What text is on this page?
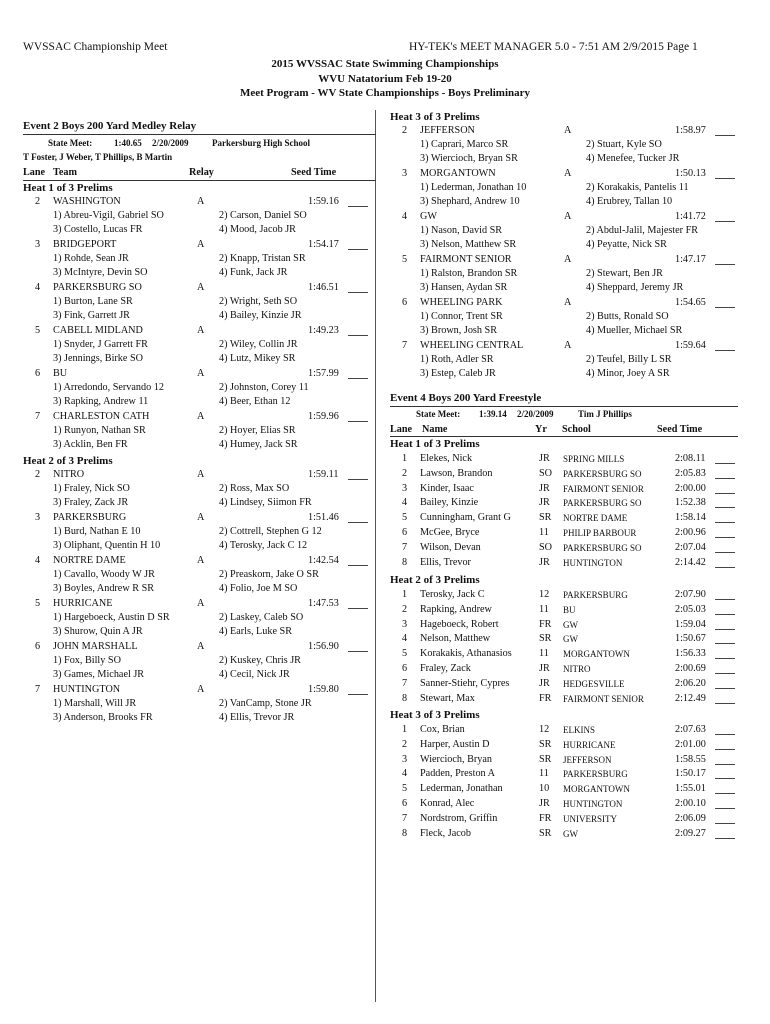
WVSSAC Championship Meet	HY-TEK's MEET MANAGER 5.0 - 7:51 AM 2/9/2015 Page 1
2015 WVSSAC State Swimming Championships
WVU Natatorium Feb 19-20
Meet Program - WV State Championships - Boys Preliminary
Event 2 Boys 200 Yard Medley Relay
State Meet: 1:40.65 2/20/2009	Parkersburg High School
T Foster, J Weber, T Phillips, B Martin
Lane Team	Relay	Seed Time
Heat 1 of 3 Prelims
2 WASHINGTON	A	1:59.16
1) Abreu-Vigil, Gabriel SO	2) Carson, Daniel SO
3) Costello, Lucas FR	4) Mood, Jacob JR
3 BRIDGEPORT	A	1:54.17
1) Rohde, Sean JR	2) Knapp, Tristan SR
3) McIntyre, Devin SO	4) Funk, Jack JR
4 PARKERSBURG SO	A	1:46.51
1) Burton, Lane SR	2) Wright, Seth SO
3) Fink, Garrett JR	4) Bailey, Kinzie JR
5 CABELL MIDLAND	A	1:49.23
1) Snyder, J Garrett FR	2) Wiley, Collin JR
3) Jennings, Birke SO	4) Lutz, Mikey SR
6 BU	A	1:57.99
1) Arredondo, Servando 12	2) Johnston, Corey 11
3) Rapking, Andrew 11	4) Beer, Ethan 12
7 CHARLESTON CATH	A	1:59.96
1) Runyon, Nathan SR	2) Hoyer, Elias SR
3) Acklin, Ben FR	4) Humey, Jack SR
Heat 2 of 3 Prelims
2 NITRO	A	1:59.11
1) Fraley, Nick SO	2) Ross, Max SO
3) Fraley, Zack JR	4) Lindsey, Siimon FR
3 PARKERSBURG	A	1:51.46
1) Burd, Nathan E 10	2) Cottrell, Stephen G 12
3) Oliphant, Quentin H 10	4) Terosky, Jack C 12
4 NORTRE DAME	A	1:42.54
1) Cavallo, Woody W JR	2) Preaskorn, Jake O SR
3) Boyles, Andrew R SR	4) Folio, Joe M SO
5 HURRICANE	A	1:47.53
1) Hargeboeck, Austin D SR	2) Laskey, Caleb SO
3) Shurow, Quin A JR	4) Earls, Luke SR
6 JOHN MARSHALL	A	1:56.90
1) Fox, Billy SO	2) Kuskey, Chris JR
3) Games, Michael JR	4) Cecil, Nick JR
7 HUNTINGTON	A	1:59.80
1) Marshall, Will JR	2) VanCamp, Stone JR
3) Anderson, Brooks FR	4) Ellis, Trevor JR
Event 4 Boys 200 Yard Freestyle
State Meet: 1:39.14 2/20/2009	Tim J Phillips
Lane Name	Yr School	Seed Time
Heat 3 of 3 Prelims
2 JEFFERSON	A	1:58.97
1) Caprari, Marco SR	2) Stuart, Kyle SO
3) Wiercioch, Bryan SR	4) Menefee, Tucker JR
3 MORGANTOWN	A	1:50.13
1) Lederman, Jonathan 10	2) Korakakis, Pantelis 11
3) Shephard, Andrew 10	4) Erubrey, Tallan 10
4 GW	A	1:41.72
1) Nason, David SR	2) Abdul-Jalil, Majester FR
3) Nelson, Matthew SR	4) Peyatte, Nick SR
5 FAIRMONT SENIOR	A	1:47.17
1) Ralston, Brandon SR	2) Stewart, Ben JR
3) Hansen, Aydan SR	4) Sheppard, Jeremy JR
6 WHEELING PARK	A	1:54.65
1) Connor, Trent SR	2) Butts, Ronald SO
3) Brown, Josh SR	4) Mueller, Michael SR
7 WHEELING CENTRAL	A	1:59.64
1) Roth, Adler SR	2) Teufel, Billy L SR
3) Estep, Caleb JR	4) Minor, Joey A SR
Heat 1 of 3 Prelims
1 Elekes, Nick	JR SPRING MILLS	2:08.11
2 Lawson, Brandon	SO PARKERSBURG SO	2:05.83
3 Kinder, Isaac	JR FAIRMONT SENIOR	2:00.00
4 Bailey, Kinzie	JR PARKERSBURG SO	1:52.38
5 Cunningham, Grant G	SR NORTRE DAME	1:58.14
6 McGee, Bryce	11 PHILIP BARBOUR	2:00.96
7 Wilson, Devan	SO PARKERSBURG SO	2:07.04
8 Ellis, Trevor	JR HUNTINGTON	2:14.42
Heat 2 of 3 Prelims
1 Terosky, Jack C	12 PARKERSBURG	2:07.90
2 Rapking, Andrew	11 BU	2:05.03
3 Hageboeck, Robert	FR GW	1:59.04
4 Nelson, Matthew	SR GW	1:50.67
5 Korakakis, Athanasios	11 MORGANTOWN	1:56.33
6 Fraley, Zack	JR NITRO	2:00.69
7 Sanner-Stiehr, Cypres	JR HEDGESVILLE	2:06.20
8 Stewart, Max	FR FAIRMONT SENIOR	2:12.49
Heat 3 of 3 Prelims
1 Cox, Brian	12 ELKINS	2:07.63
2 Harper, Austin D	SR HURRICANE	2:01.00
3 Wiercioch, Bryan	SR JEFFERSON	1:58.55
4 Padden, Preston A	11 PARKERSBURG	1:50.17
5 Lederman, Jonathan	10 MORGANTOWN	1:55.01
6 Konrad, Alec	JR HUNTINGTON	2:00.10
7 Nordstrom, Griffin	FR UNIVERSITY	2:06.09
8 Fleck, Jacob	SR GW	2:09.27
